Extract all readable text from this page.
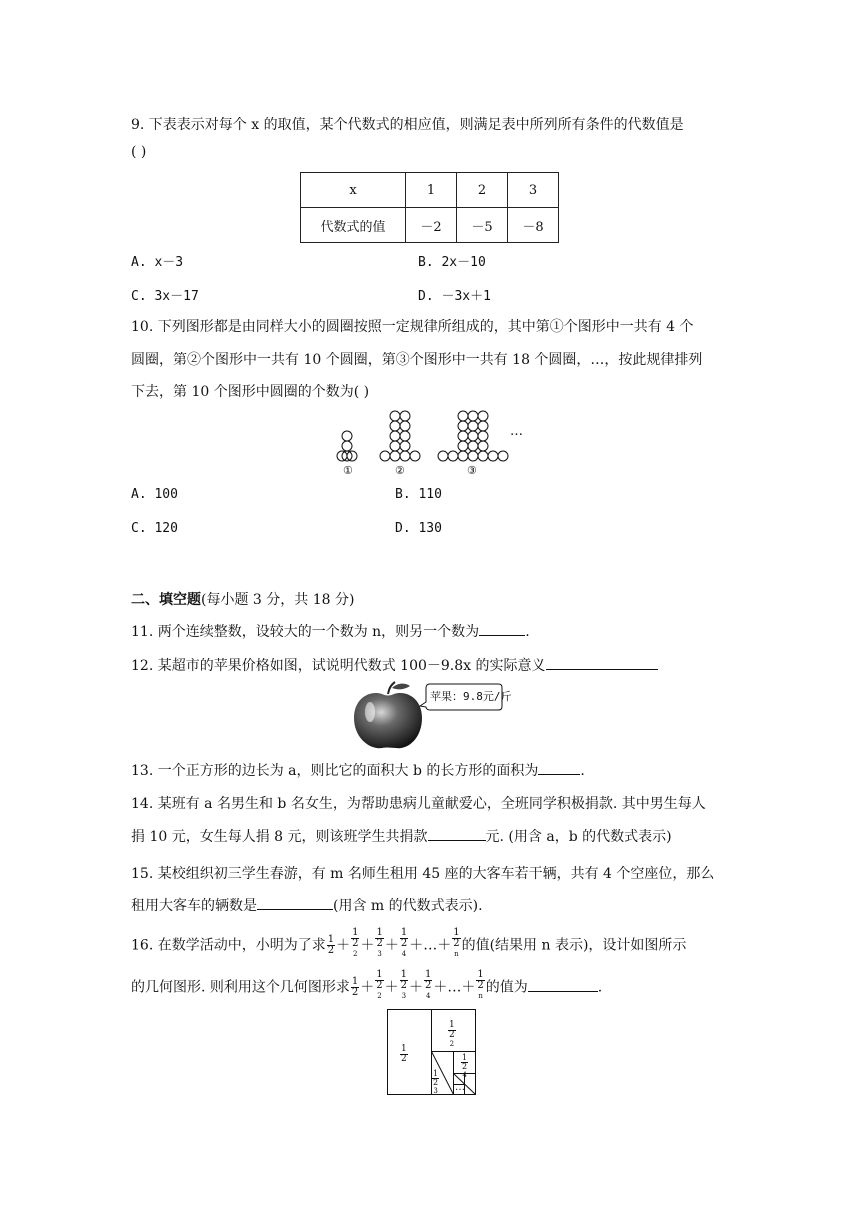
9. 下表表示对每个 x 的取值，某个代数式的相应值，则满足表中所列所有条件的代数值是
( )
x	1	2	3
代数式的值	－2	－5	－8
A. x－3	B. 2x－10
C. 3x－17	D. －3x＋1
10. 下列图形都是由同样大小的圆圈按照一定规律所组成的，其中第①个图形中一共有 4 个
圆圈，第②个图形中一共有 10 个圆圈，第③个图形中一共有 18 个圆圈，…，按此规律排列
下去，第 10 个图形中圆圈的个数为( )
①	②	③
…
A. 100	B. 110
C. 120	D. 130
二、填空题(每小题 3 分，共 18 分)
11. 两个连续整数，设较大的一个数为 n，则另一个数为	.
12. 某超市的苹果价格如图，试说明代数式 100－9.8x 的实际意义
苹果：9.8元/斤
13. 一个正方形的边长为 a，则比它的面积大 b 的长方形的面积为	.
14. 某班有 a 名男生和 b 名女生，为帮助患病儿童献爱心，全班同学积极捐款. 其中男生每人
捐 10 元，女生每人捐 8 元，则该班学生共捐款	元. (用含 a，b 的代数式表示)
15. 某校组织初三学生春游，有 m 名师生租用 45 座的大客车若干辆，共有 4 个空座位，那么
租用大客车的辆数是	(用含 m 的代数式表示).
16. 在数学活动中，小明为了求 $\frac{1}{2} + 1$
2
$^2$ ＋ 1
2
$^3$ ＋ 1
2
$^4$ ＋…＋ 1
2
$^n$ 的值(结果用 n 表示)，设计如图所示
的几何图形. 则利用这个几何图形求 $\frac{1}{2} + 1$
2
$^2$ ＋ 1
2
$^3$ ＋ 1
2
$^4$ ＋…＋ 1
2
$^n$ 的值为	.
$\frac{1}{2}$
1
2
$^2$
1
2
$^3$
1
2
$^4$
…
